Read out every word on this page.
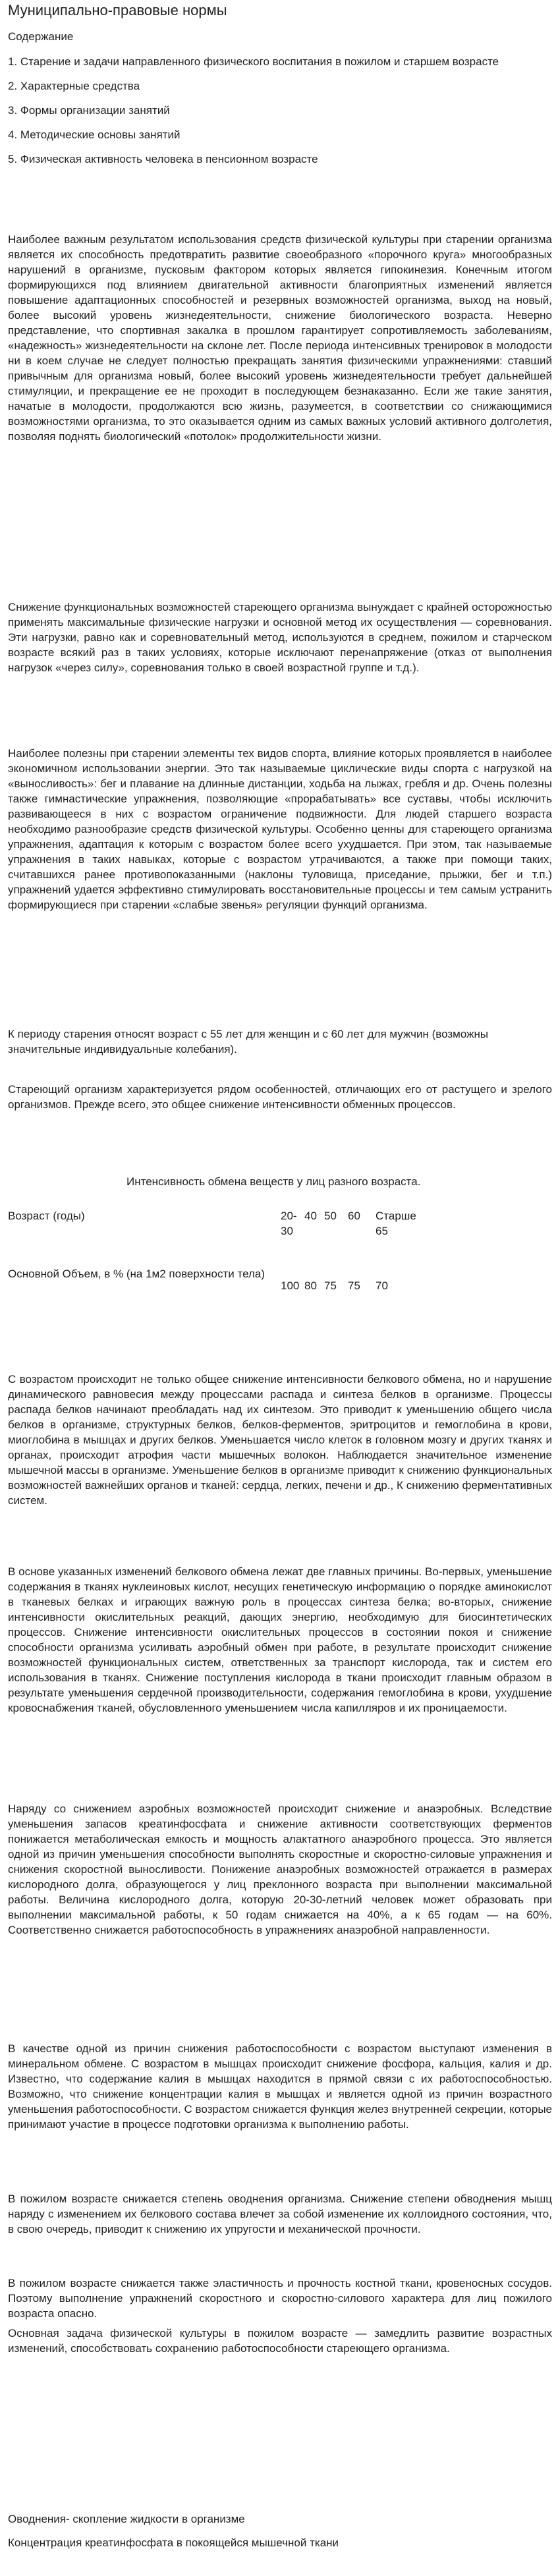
Муниципально-правовые нормы

Содержание

1. Старение и задачи направленного физического воспитания в пожилом и старшем возрасте
2. Характерные средства
3. Формы организации занятий
4. Методические основы занятий
5. Физическая активность человека в пенсионном возрасте

Наиболее важным результатом использования средств физической культуры при старении организма является их способность предотвратить развитие своеобразного «порочного круга» многообразных нарушений в организме, пусковым фактором которых является гипокинезия. Конечным итогом формирующихся под влиянием двигательной активности благоприятных изменений является повышение адаптационных способностей и резервных возможностей организма, выход на новый, более высокий уровень жизнедеятельности, снижение биологического возраста. Неверно представление, что спортивная закалка в прошлом гарантирует сопротивляемость заболеваниям, «надежность» жизнедеятельности на склоне лет. После периода интенсивных тренировок в молодости ни в коем случае не следует полностью прекращать занятия физическими упражнениями: ставший привычным для организма новый, более высокий уровень жизнедеятельности требует дальнейшей стимуляции, и прекращение ее не проходит в последующем безнаказанно. Если же такие занятия, начатые в молодости, продолжаются всю жизнь, разумеется, в соответствии со снижающимися возможностями организма, то это оказывается одним из самых важных условий активного долголетия, позволяя поднять биологический «потолок» продолжительности жизни.

Снижение функциональных возможностей стареющего организма вынуждает с крайней осторожностью применять максимальные физические нагрузки и основной метод их осуществления — соревнования. Эти нагрузки, равно как и соревновательный метод, используются в среднем, пожилом и старческом возрасте всякий раз в таких условиях, которые исключают перенапряжение (отказ от выполнения нагрузок «через силу», соревнования только в своей возрастной группе и т.д.).

Наиболее полезны при старении элементы тех видов спорта, влияние которых проявляется в наиболее экономичном использовании энергии. Это так называемые циклические виды спорта с нагрузкой на «выносливость»: бег и плавание на длинные дистанции, ходьба на лыжах, гребля и др. Очень полезны также гимнастические упражнения, позволяющие «прорабатывать» все суставы, чтобы исключить развивающееся в них с возрастом ограничение подвижности. Для людей старшего возраста необходимо разнообразие средств физической культуры. Особенно ценны для стареющего организма упражнения, адаптация к которым с возрастом более всего ухудшается. При этом, так называемые упражнения в таких навыках, которые с возрастом утрачиваются, а также при помощи таких, считавшихся ранее противопоказанными (наклоны туловища, приседание, прыжки, бег и т.п.) упражнений удается эффективно стимулировать восстановительные процессы и тем самым устранить формирующиеся при старении «слабые звенья» регуляции функций организма.

К периоду старения относят возраст с 55 лет для женщин и с 60 лет для мужчин (возможны значительные индивидуальные колебания).

Стареющий организм характеризуется рядом особенностей, отличающих его от растущего и зрелого организмов. Прежде всего, это общее снижение интенсивности обменных процессов.

Интенсивность обмена веществ у лиц разного возраста.

Возраст (годы)	20-30	40	50	60	Старше 65
Основной Объем, в % (на 1м2 поверхности тела)	100	80	75	75	70

С возрастом происходит не только общее снижение интенсивности белкового обмена, но и нарушение динамического равновесия между процессами распада и синтеза белков в организме. Процессы распада белков начинают преобладать над их синтезом. Это приводит к уменьшению общего числа белков в организме, структурных белков, белков-ферментов, эритроцитов и гемоглобина в крови, миоглобина в мышцах и других белков. Уменьшается число клеток в головном мозгу и других тканях и органах, происходит атрофия части мышечных волокон. Наблюдается значительное изменение мышечной массы в организме. Уменьшение белков в организме приводит к снижению функциональных возможностей важнейших органов и тканей: сердца, легких, печени и др., К снижению ферментативных систем.

В основе указанных изменений белкового обмена лежат две главных причины. Во-первых, уменьшение содержания в тканях нуклеиновых кислот, несущих генетическую информацию о порядке аминокислот в тканевых белках и играющих важную роль в процессах синтеза белка; во-вторых, снижение интенсивности окислительных реакций, дающих энергию, необходимую для биосинтетических процессов. Снижение интенсивности окислительных процессов в состоянии покоя и снижение способности организма усиливать аэробный обмен при работе, в результате происходит снижение возможностей функциональных систем, ответственных за транспорт кислорода, так и систем его использования в тканях. Снижение поступления кислорода в ткани происходит главным образом в результате уменьшения сердечной производительности, содержания гемоглобина в крови, ухудшение кровоснабжения тканей, обусловленного уменьшением числа капилляров и их проницаемости.

Наряду со снижением аэробных возможностей происходит снижение и анаэробных. Вследствие уменьшения запасов креатинфосфата и снижение активности соответствующих ферментов понижается метаболическая емкость и мощность алактатного анаэробного процесса. Это является одной из причин уменьшения способности выполнять скоростные и скоростно-силовые упражнения и снижения скоростной выносливости. Понижение анаэробных возможностей отражается в размерах кислородного долга, образующегося у лиц преклонного возраста при выполнении максимальной работы. Величина кислородного долга, которую 20-30-летний человек может образовать при выполнении максимальной работы, к 50 годам снижается на 40%, а к 65 годам — на 60%. Соответственно снижается работоспособность в упражнениях анаэробной направленности.

В качестве одной из причин снижения работоспособности с возрастом выступают изменения в минеральном обмене. С возрастом в мышцах происходит снижение фосфора, кальция, калия и др. Известно, что содержание калия в мышцах находится в прямой связи с их работоспособностью. Возможно, что снижение концентрации калия в мышцах и является одной из причин возрастного уменьшения работоспособности. С возрастом снижается функция желез внутренней секреции, которые принимают участие в процессе подготовки организма к выполнению работы.

В пожилом возрасте снижается степень оводнения организма. Снижение степени обводнения мышц наряду с изменением их белкового состава влечет за собой изменение их коллоидного состояния, что, в свою очередь, приводит к снижению их упругости и механической прочности.

В пожилом возрасте снижается также эластичность и прочность костной ткани, кровеносных сосудов. Поэтому выполнение упражнений скоростного и скоростно-силового характера для лиц пожилого возраста опасно.

Основная задача физической культуры в пожилом возрасте — замедлить развитие возрастных изменений, способствовать сохранению работоспособности стареющего организма.

Оводнения- скопление жидкости в организме

Концентрация креатинфосфата в покоящейся мышечной ткани
